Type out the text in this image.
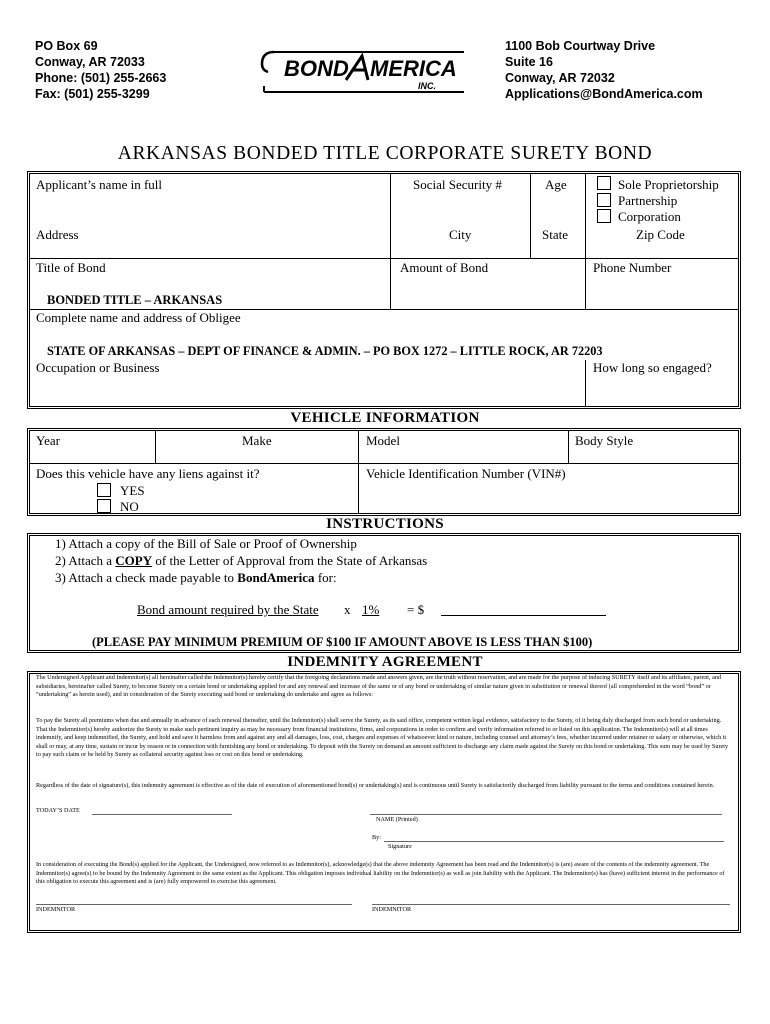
PO Box 69
Conway, AR 72033
Phone: (501) 255-2663
Fax: (501) 255-3299
BOND MERICA
INC.
1100 Bob Courtway Drive
Suite 16
Conway, AR 72032
Applications@BondAmerica.com
ARKANSAS BONDED TITLE CORPORATE SURETY BOND
Applicant’s name in full	Social Security #	Age	Sole Proprietorship
Partnership
Corporation
Address	City	State	Zip Code
Title of Bond	Amount of Bond	Phone Number
BONDED TITLE – ARKANSAS
Complete name and address of Obligee
STATE OF ARKANSAS – DEPT OF FINANCE & ADMIN. – PO BOX 1272 – LITTLE ROCK, AR 72203
Occupation or Business	How long so engaged?
VEHICLE INFORMATION
Year	Make	Model	Body Style
Does this vehicle have any liens against it?
YES
NO
Vehicle Identification Number (VIN#)
INSTRUCTIONS
1) Attach a copy of the Bill of Sale or Proof of Ownership
2) Attach a COPY of the Letter of Approval from the State of Arkansas
3) Attach a check made payable to BondAmerica for:
Bond amount required by the State x 1% = $
(PLEASE PAY MINIMUM PREMIUM OF $100 IF AMOUNT ABOVE IS LESS THAN $100)
INDEMNITY AGREEMENT
The Undersigned Applicant and Indemnitor(s) all hereinafter called the Indemnitor(s) hereby certify that the foregoing declarations made and answers given, are the truth without reservation, and are made for the purpose of inducing SURETY itself and its affiliates, parent, and subsidiaries, hereinafter called Surety, to become Surety on a certain bond or undertaking applied for and any renewal and increase of the same or of any bond or undertaking of similar nature given in substitution or renewal thereof (all comprehended in the word “bond” or “undertaking” as herein used), and in consideration of the Surety executing said bond or undertaking do undertake and agree as follows:
To pay the Surety all premiums when due and annually in advance of each renewal thereafter, until the Indemnitor(s) shall serve the Surety, as its said office, competent written legal evidence, satisfactory to the Surety, of it being duly discharged from such bond or undertaking. That the Indemnitor(s) hereby authorize the Surety to make such pertinent inquiry as may be necessary from financial institutions, firms, and corporations in order to confirm and verify information referred to or listed on this application. The Indemnitor(s) will at all times indemnify, and keep indemnified, the Surety, and hold and save it harmless from and against any and all damages, loss, cost, charges and expenses of whatsoever kind or nature, including counsel and attorney’s fees, whether incurred under retainer or salary or otherwise, which it shall or may, at any time, sustain or incur by reason or in connection with furnishing any bond or undertaking. To deposit with the Surety on demand an amount sufficient to discharge any claim made against the Surety on this bond or undertaking. This sum may be used by Surety to pay such claim or be held by Surety as collateral security against loss or cost on this bond or undertaking.
Regardless of the date of signature(s), this indemnity agreement is effective as of the date of execution of aforementioned bond(s) or undertaking(s) and is continuous until Surety is satisfactorily discharged from liability pursuant to the terms and conditions contained herein.
TODAY’S DATE
NAME (Printed)
By:
Signature
In consideration of executing the Bond(s) applied for the Applicant, the Undersigned, now referred to as Indemnitor(s), acknowledge(s) that the above indemnity Agreement has been read and the Indemnitor(s) is (are) aware of the contents of the indemnity agreement. The Indemnitor(s) agree(s) to be bound by the Indemnity Agreement to the same extent as the Applicant. This obligation imposes individual liability on the Indemnitor(s) as well as join liability with the Applicant. The Indemnitor(s) has (have) sufficient interest in the performance of this obligation to execute this agreement and is (are) fully empowered to exercise this agreement.
INDEMNITOR	INDEMNITOR
